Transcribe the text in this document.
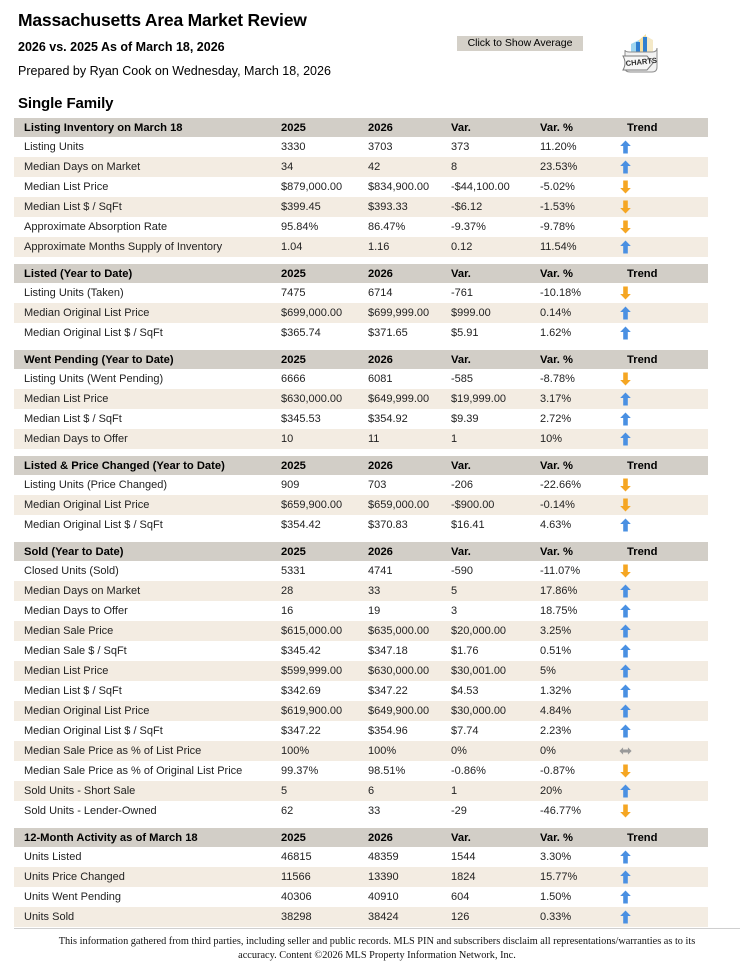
Massachusetts Area Market Review
2026 vs. 2025 As of March 18, 2026
Prepared by Ryan Cook on Wednesday, March 18, 2026
Click to Show Average
CHARTS
Single Family
Listing Inventory on March 18	2025	2026	Var.	Var. %	Trend

Listing Units	3330	3703	373	11.20%

Median Days on Market	34	42	8	23.53%

Median List Price	$879,000.00	$834,900.00	-$44,100.00	-5.02%

Median List $ / SqFt	$399.45	$393.33	-$6.12	-1.53%

Approximate Absorption Rate	95.84%	86.47%	-9.37%	-9.78%

Approximate Months Supply of Inventory	1.04	1.16	0.12	11.54%

Listed (Year to Date)	2025	2026	Var.	Var. %	Trend

Listing Units (Taken)	7475	6714	-761	-10.18%

Median Original List Price	$699,000.00	$699,999.00	$999.00	0.14%

Median Original List $ / SqFt	$365.74	$371.65	$5.91	1.62%

Went Pending (Year to Date)	2025	2026	Var.	Var. %	Trend

Listing Units (Went Pending)	6666	6081	-585	-8.78%

Median List Price	$630,000.00	$649,999.00	$19,999.00	3.17%

Median List $ / SqFt	$345.53	$354.92	$9.39	2.72%

Median Days to Offer	10	11	1	10%

Listed & Price Changed (Year to Date)	2025	2026	Var.	Var. %	Trend

Listing Units (Price Changed)	909	703	-206	-22.66%

Median Original List Price	$659,900.00	$659,000.00	-$900.00	-0.14%

Median Original List $ / SqFt	$354.42	$370.83	$16.41	4.63%

Sold (Year to Date)	2025	2026	Var.	Var. %	Trend

Closed Units (Sold)	5331	4741	-590	-11.07%

Median Days on Market	28	33	5	17.86%

Median Days to Offer	16	19	3	18.75%

Median Sale Price	$615,000.00	$635,000.00	$20,000.00	3.25%

Median Sale $ / SqFt	$345.42	$347.18	$1.76	0.51%

Median List Price	$599,999.00	$630,000.00	$30,001.00	5%

Median List $ / SqFt	$342.69	$347.22	$4.53	1.32%

Median Original List Price	$619,900.00	$649,900.00	$30,000.00	4.84%

Median Original List $ / SqFt	$347.22	$354.96	$7.74	2.23%

Median Sale Price as % of List Price	100%	100%	0%	0%

Median Sale Price as % of Original List Price	99.37%	98.51%	-0.86%	-0.87%

Sold Units - Short Sale	5	6	1	20%

Sold Units - Lender-Owned	62	33	-29	-46.77%

12-Month Activity as of March 18	2025	2026	Var.	Var. %	Trend

Units Listed	46815	48359	1544	3.30%

Units Price Changed	11566	13390	1824	15.77%

Units Went Pending	40306	40910	604	1.50%

Units Sold	38298	38424	126	0.33%

This information gathered from third parties, including seller and public records. MLS PIN and subscribers disclaim all representations/warranties as to its
accuracy. Content ©2026 MLS Property Information Network, Inc.
